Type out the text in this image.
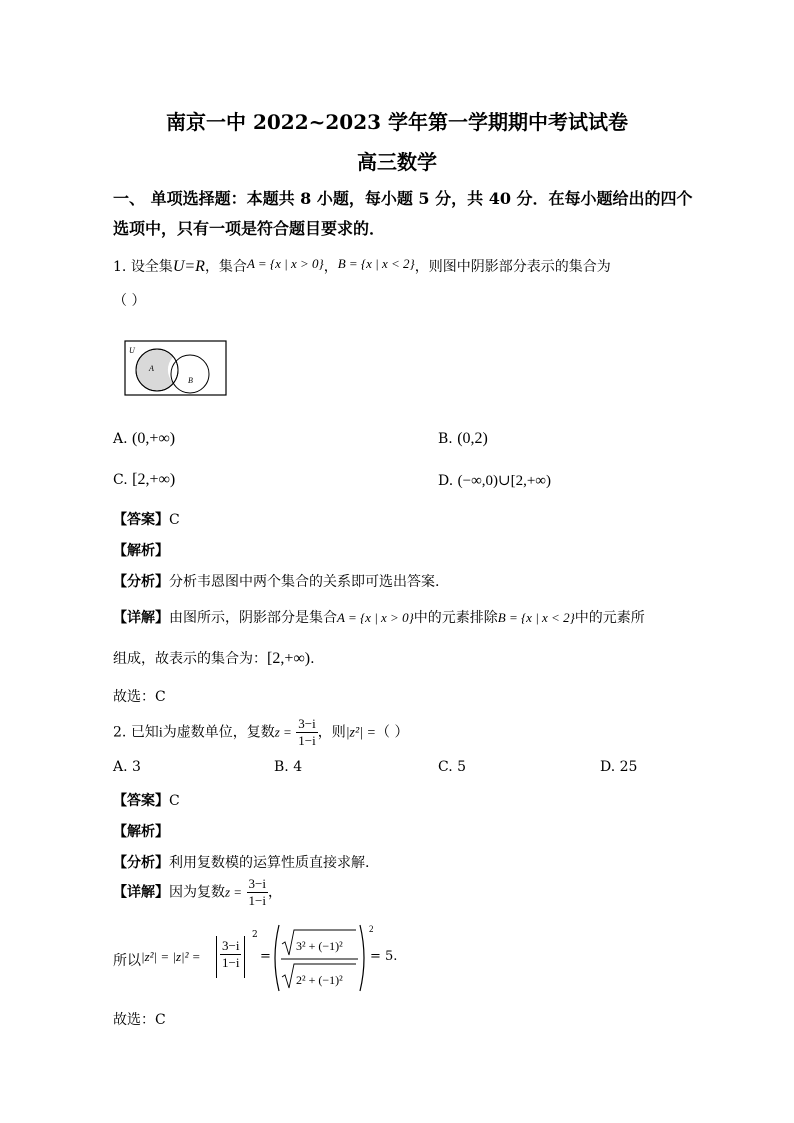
南京一中 2022~2023 学年第一学期期中考试试卷
高三数学
一、 单项选择题：本题共 8 小题，每小题 5 分，共 40 分．在每小题给出的四个
选项中，只有一项是符合题目要求的．
1. 设全集U=R，集合A = {x | x > 0}，B = {x | x < 2}，则图中阴影部分表示的集合为
（ ）
U
A
B
A. (0,+∞)	B. (0,2)
C. [2,+∞)	D. (−∞,0)∪[2,+∞)
【答案】C
【解析】
【分析】分析韦恩图中两个集合的关系即可选出答案.
【详解】由图所示，阴影部分是集合A = {x | x > 0}中的元素排除B = {x | x < 2}中的元素所
组成，故表示的集合为：[2,+∞).
故选：C
2. 已知i为虚数单位，复数$z = \frac{3-i}{1-i}$ ，则|z²| =（ ）
A. 3	B. 4	C. 5	D. 25
【答案】C
【解析】
【分析】利用复数模的运算性质直接求解.
【详解】因为复数$z = \frac{3-i}{1-i}$ ，
所以 $|z^2| = |z|^2 = \frac{3-i}{1-i}$
2
=
3² + (−1)²
2² + (−1)²
2
= 5.
故选：C
